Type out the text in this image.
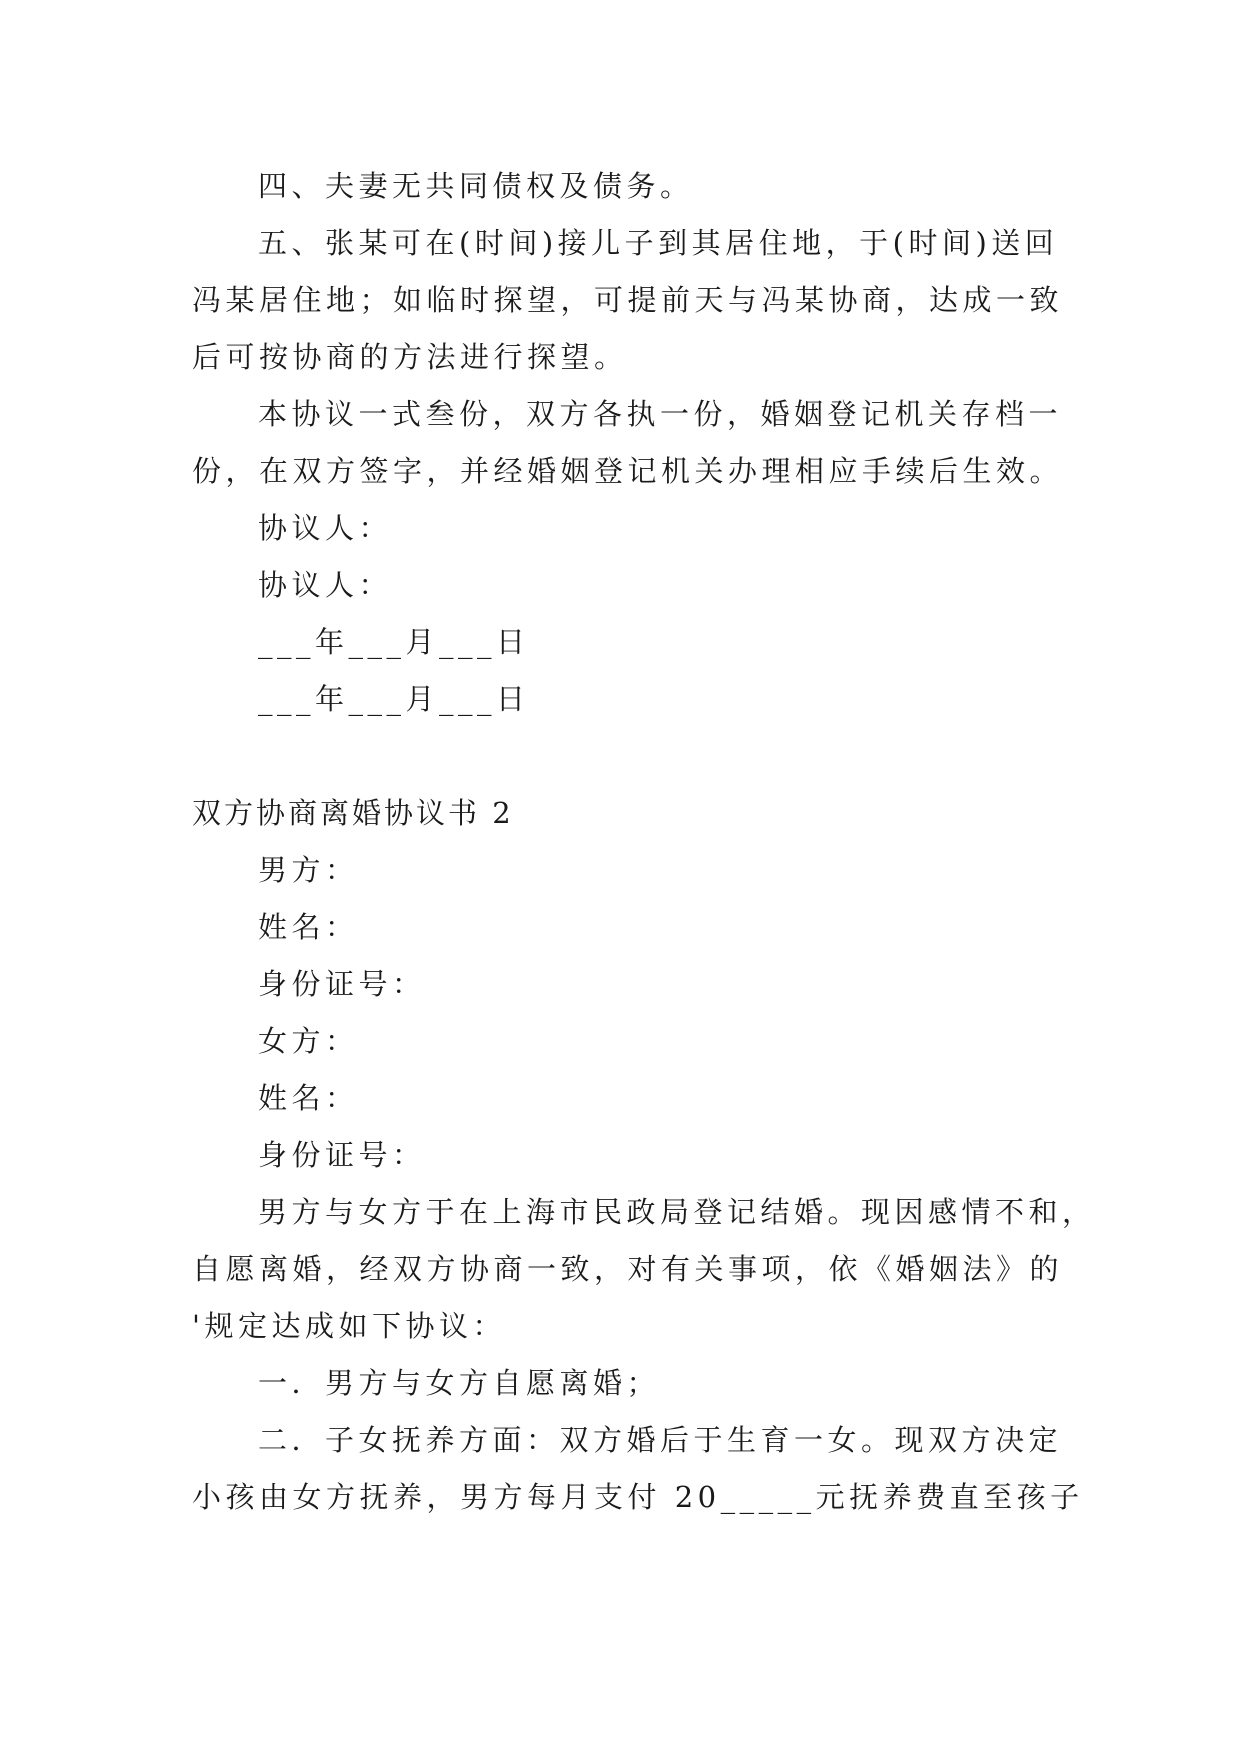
四、夫妻无共同债权及债务。
五、张某可在(时间)接儿子到其居住地，于(时间)送回
冯某居住地；如临时探望，可提前天与冯某协商，达成一致
后可按协商的方法进行探望。
本协议一式叁份，双方各执一份，婚姻登记机关存档一
份，在双方签字，并经婚姻登记机关办理相应手续后生效。
协议人：
协议人：
___年___月___日
___年___月___日
双方协商离婚协议书 2
男方：
姓名：
身份证号：
女方：
姓名：
身份证号：
男方与女方于在上海市民政局登记结婚。现因感情不和，
自愿离婚，经双方协商一致，对有关事项，依《婚姻法》的
'规定达成如下协议：
一．男方与女方自愿离婚；
二．子女抚养方面：双方婚后于生育一女。现双方决定
小孩由女方抚养，男方每月支付 20_____元抚养费直至孩子
